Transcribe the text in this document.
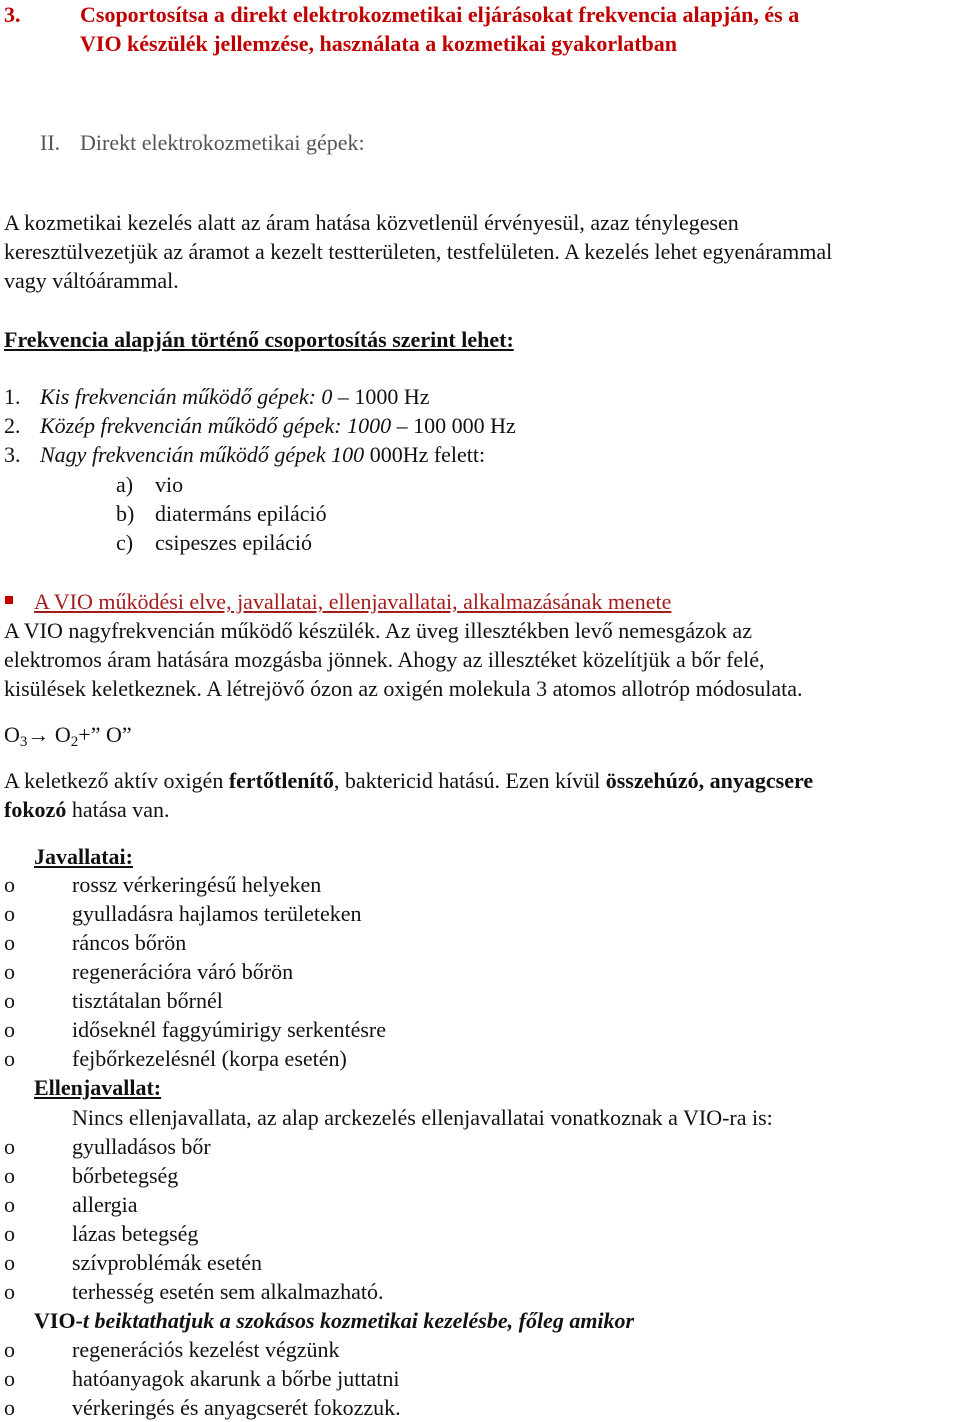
3.	Csoportosítsa a direkt elektrokozmetikai eljárásokat frekvencia alapján, és a
VIO készülék jellemzése, használata a kozmetikai gyakorlatban
II. Direkt elektrokozmetikai gépek:
A kozmetikai kezelés alatt az áram hatása közvetlenül érvényesül, azaz ténylegesen
keresztülvezetjük az áramot a kezelt testterületen, testfelületen. A kezelés lehet egyenárammal
vagy váltóárammal.
Frekvencia alapján történő csoportosítás szerint lehet:
1. Kis frekvencián működő gépek: 0 – 1000 Hz
2. Közép frekvencián működő gépek: 1000 – 100 000 Hz
3. Nagy frekvencián működő gépek 100 000Hz felett:
a) vio
b) diatermáns epiláció
c) csipeszes epiláció
A VIO működési elve, javallatai, ellenjavallatai, alkalmazásának menete
A VIO nagyfrekvencián működő készülék. Az üveg illesztékben levő nemesgázok az
elektromos áram hatására mozgásba jönnek. Ahogy az illesztéket közelítjük a bőr felé,
kisülések keletkeznek. A létrejövő ózon az oxigén molekula 3 atomos allotróp módosulata.
$O_3\to O_2+$” O”
A keletkező aktív oxigén fertőtlenítő, baktericid hatású. Ezen kívül összehúzó, anyagcsere
fokozó hatása van.
Javallatai:
o	rossz vérkeringésű helyeken
o	gyulladásra hajlamos területeken
o	ráncos bőrön
o	regenerációra váró bőrön
o	tisztátalan bőrnél
o	időseknél faggyúmirigy serkentésre
o	fejbőrkezelésnél (korpa esetén)
Ellenjavallat:
Nincs ellenjavallata, az alap arckezelés ellenjavallatai vonatkoznak a VIO-ra is:
o	gyulladásos bőr
o	bőrbetegség
o	allergia
o	lázas betegség
o	szívproblémák esetén
o	terhesség esetén sem alkalmazható.
VIO-t beiktathatjuk a szokásos kozmetikai kezelésbe, főleg amikor
o	regenerációs kezelést végzünk
o	hatóanyagok akarunk a bőrbe juttatni
o	vérkeringés és anyagcserét fokozzuk.
